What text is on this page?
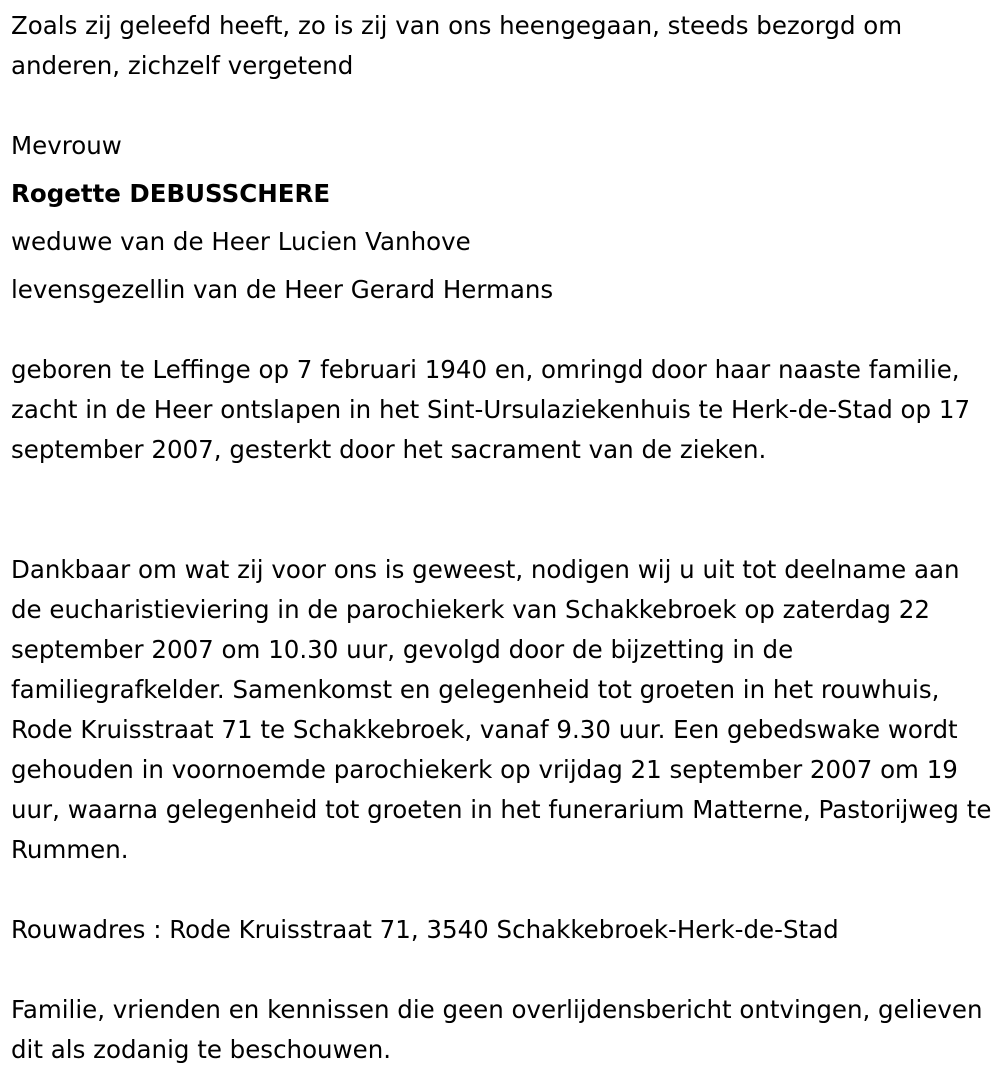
Zoals zij geleefd heeft, zo is zij van ons heengegaan, steeds bezorgd om anderen, zichzelf vergetend

Mevrouw

Rogette DEBUSSCHERE

weduwe van de Heer Lucien Vanhove

levensgezellin van de Heer Gerard Hermans

geboren te Leffinge op 7 februari 1940 en, omringd door haar naaste familie, zacht in de Heer ontslapen in het Sint-Ursulaziekenhuis te Herk-de-Stad op 17 september 2007, gesterkt door het sacrament van de zieken.

Dankbaar om wat zij voor ons is geweest, nodigen wij u uit tot deelname aan de eucharistieviering in de parochiekerk van Schakkebroek op zaterdag 22 september 2007 om 10.30 uur, gevolgd door de bijzetting in de familiegrafkelder. Samenkomst en gelegenheid tot groeten in het rouwhuis, Rode Kruisstraat 71 te Schakkebroek, vanaf 9.30 uur. Een gebedswake wordt gehouden in voornoemde parochiekerk op vrijdag 21 september 2007 om 19 uur, waarna gelegenheid tot groeten in het funerarium Matterne, Pastorijweg te Rummen.

Rouwadres : Rode Kruisstraat 71, 3540 Schakkebroek-Herk-de-Stad

Familie, vrienden en kennissen die geen overlijdensbericht ontvingen, gelieven dit als zodanig te beschouwen.
